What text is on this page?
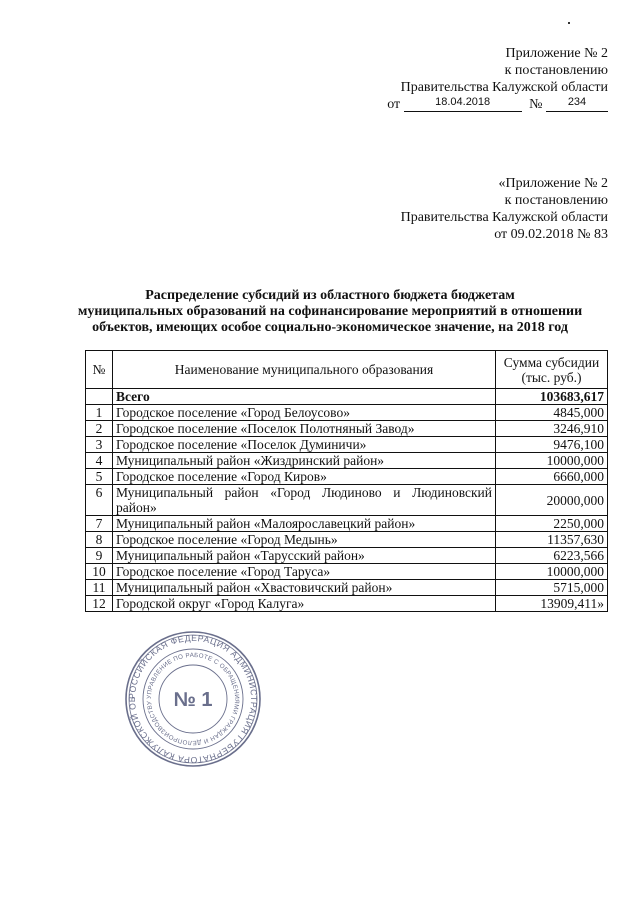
Приложение № 2
к постановлению
Правительства Калужской области
от	$^{18.04.2018}$	№ $^{234}$
«Приложение № 2
к постановлению
Правительства Калужской области
от 09.02.2018 № 83
Распределение субсидий из областного бюджета бюджетам
муниципальных образований на софинансирование мероприятий в отношении
объектов, имеющих особое социально-экономическое значение, на 2018 год
№	Наименование муниципального образования	Сумма субсидии
(тыс. руб.)

	Всего	103683,617
1	Городское поселение «Город Белоусово»	4845,000
2	Городское поселение «Поселок Полотняный Завод»	3246,910
3	Городское поселение «Поселок Думиничи»	9476,100
4	Муниципальный район «Жиздринский район»	10000,000
5	Городское поселение «Город Киров»	6660,000
6	Муниципальный район «Город Людиново и Людиновский район»	20000,000
7	Муниципальный район «Малоярославецкий район»	2250,000
8	Городское поселение «Город Медынь»	11357,630
9	Муниципальный район «Тарусский район»	6223,566
10	Городское поселение «Город Таруса»	10000,000
11	Муниципальный район «Хвастовичский район»	5715,000
12	Городской округ «Город Калуга»	13909,411»
РОССИЙСКАЯ ФЕДЕРАЦИЯ АДМИНИСТРАЦИЯ ГУБЕРНАТОРА КАЛУЖСКОЙ ОБ	УПРАВЛЕНИЕ ПО РАБОТЕ С ОБРАЩЕНИЯМИ ГРАЖДАН И ДЕЛОПРОИЗВОДСТВУ	№ 1
